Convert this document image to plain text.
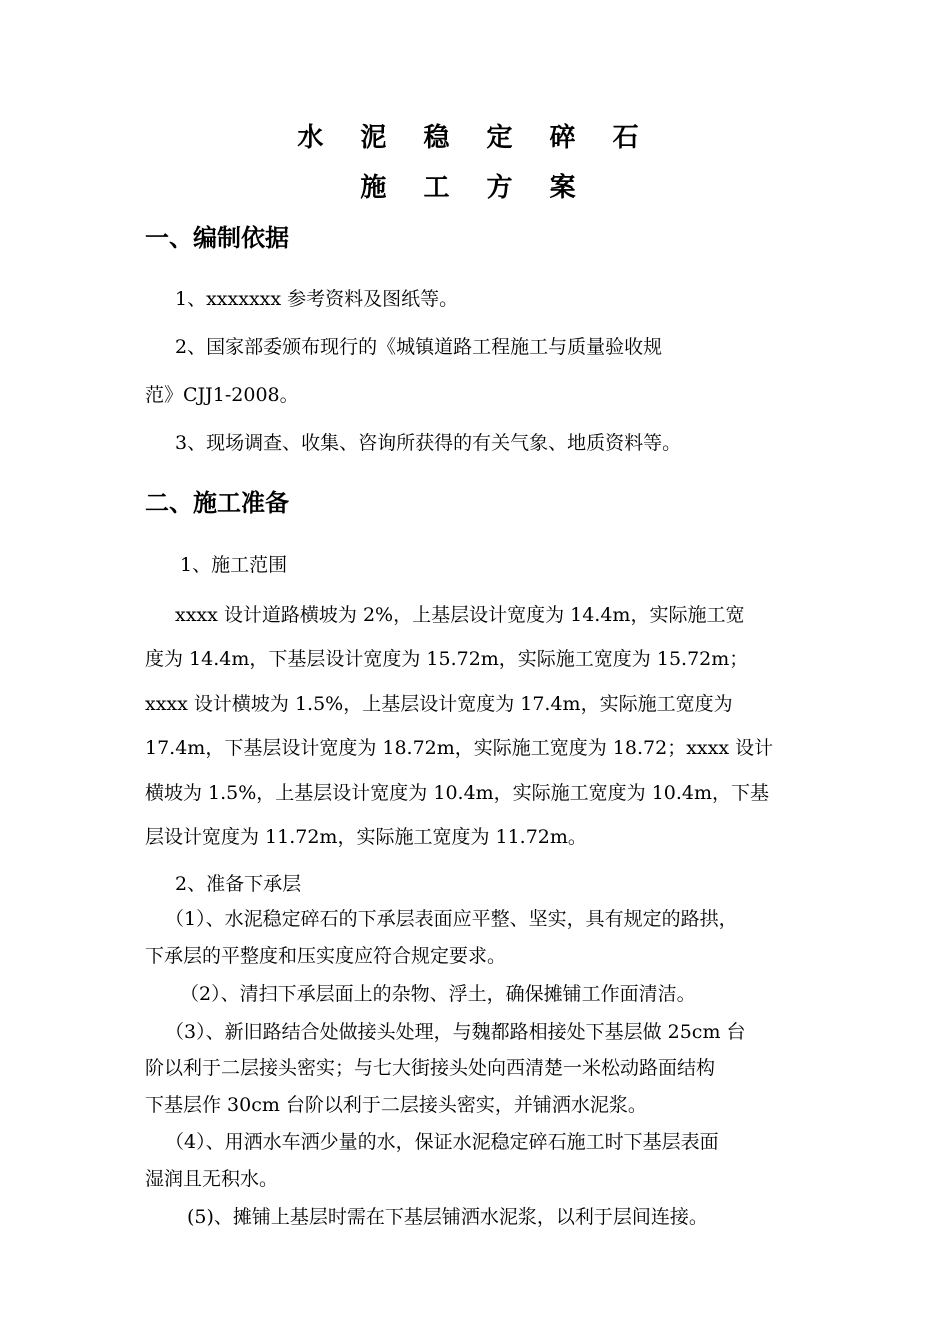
水 泥 稳 定 碎 石
施 工 方 案
一、编制依据
1、xxxxxxx 参考资料及图纸等。
2、国家部委颁布现行的《城镇道路工程施工与质量验收规
范》CJJ1-2008。
3、现场调查、收集、咨询所获得的有关气象、地质资料等。
二、施工准备
1、施工范围
xxxx 设计道路横坡为 2%，上基层设计宽度为 14.4m，实际施工宽
度为 14.4m，下基层设计宽度为 15.72m，实际施工宽度为 15.72m；
xxxx 设计横坡为 1.5%，上基层设计宽度为 17.4m，实际施工宽度为
17.4m，下基层设计宽度为 18.72m，实际施工宽度为 18.72；xxxx 设计
横坡为 1.5%，上基层设计宽度为 10.4m，实际施工宽度为 10.4m，下基
层设计宽度为 11.72m，实际施工宽度为 11.72m。
2、准备下承层
（1）、水泥稳定碎石的下承层表面应平整、坚实，具有规定的路拱，
下承层的平整度和压实度应符合规定要求。
（2）、清扫下承层面上的杂物、浮土，确保摊铺工作面清洁。
（3）、新旧路结合处做接头处理，与魏都路相接处下基层做 25cm 台
阶以利于二层接头密实；与七大街接头处向西清楚一米松动路面结构
下基层作 30cm 台阶以利于二层接头密实，并铺洒水泥浆。
（4）、用洒水车洒少量的水，保证水泥稳定碎石施工时下基层表面
湿润且无积水。
(5)、摊铺上基层时需在下基层铺洒水泥浆，以利于层间连接。
